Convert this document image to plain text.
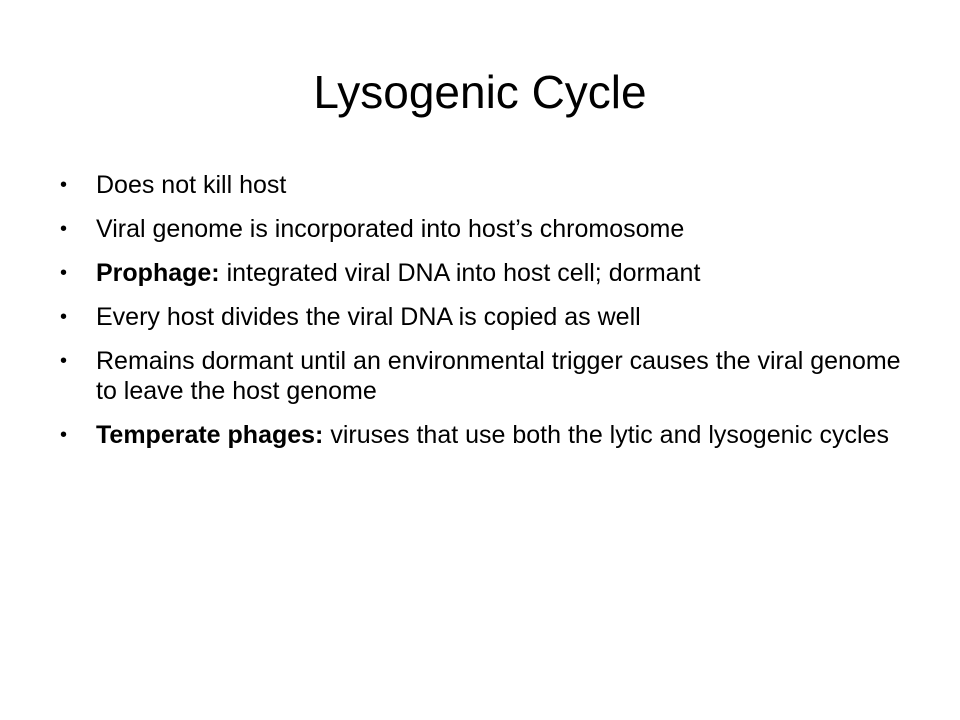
Lysogenic Cycle
•	Does not kill host
•	Viral genome is incorporated into host’s chromosome
•	Prophage: integrated viral DNA into host cell; dormant
•	Every host divides the viral DNA is copied as well
•	Remains dormant until an environmental trigger causes the viral genome to leave the host genome
•	Temperate phages: viruses that use both the lytic and lysogenic cycles
